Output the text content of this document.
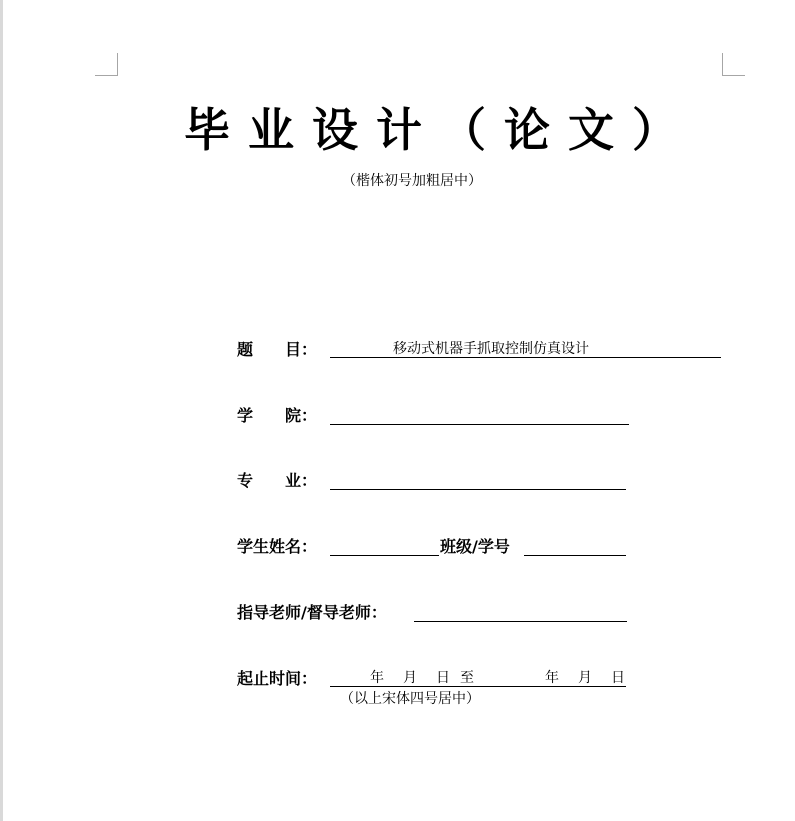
毕业设计（论文）
（楷体初号加粗居中）
题　　目：	移动式机器手抓取控制仿真设计
学　　院：
专　　业：
学生姓名：	班级/学号
指导老师/督导老师：
起止时间：	年 月 日 至	年 月 日
（以上宋体四号居中）
